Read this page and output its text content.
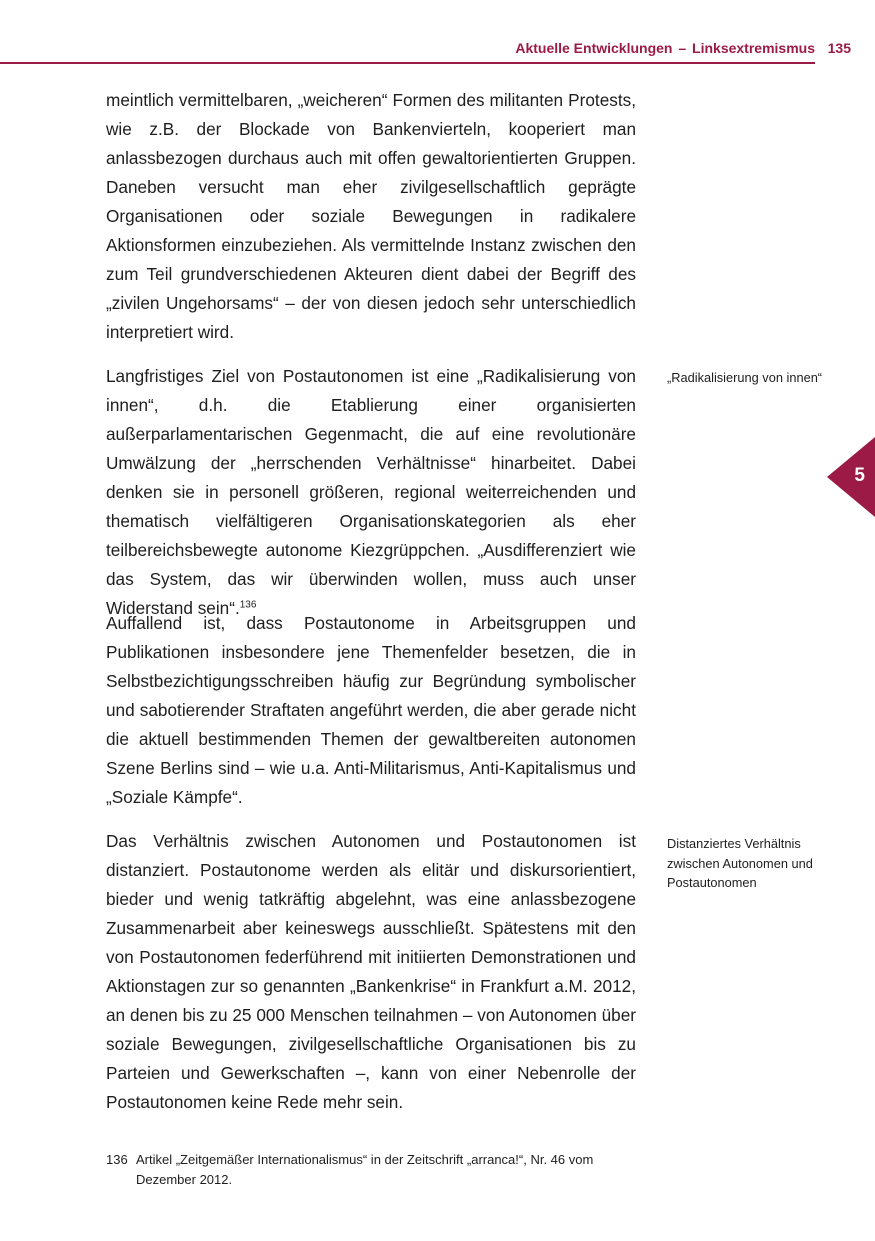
Aktuelle Entwicklungen – Linksextremismus 135
5

meintlich vermittelbaren, „weicheren“ Formen des militanten Protests, wie z.B. der Blockade von Bankenvierteln, kooperiert man anlassbezogen durchaus auch mit offen gewaltorientierten Gruppen. Daneben versucht man eher zivilgesellschaftlich geprägte Organisationen oder soziale Bewegungen in radikalere Aktionsformen einzubeziehen. Als vermittelnde Instanz zwischen den zum Teil grundverschiedenen Akteuren dient dabei der Begriff des „zivilen Ungehorsams“ – der von diesen jedoch sehr unterschiedlich interpretiert wird.

Langfristiges Ziel von Postautonomen ist eine „Radikalisierung von innen“, d.h. die Etablierung einer organisierten außerparlamentarischen Gegenmacht, die auf eine revolutionäre Umwälzung der „herrschenden Verhältnisse“ hinarbeitet. Dabei denken sie in personell größeren, regional weiterreichenden und thematisch vielfältigeren Organisationskategorien als eher teilbereichsbewegte autonome Kiezgrüppchen. „Ausdifferenziert wie das System, das wir überwinden wollen, muss auch unser Widerstand sein“.$^{136}$

Auffallend ist, dass Postautonome in Arbeitsgruppen und Publikationen insbesondere jene Themenfelder besetzen, die in Selbstbezichtigungsschreiben häufig zur Begründung symbolischer und sabotierender Straftaten angeführt werden, die aber gerade nicht die aktuell bestimmenden Themen der gewaltbereiten autonomen Szene Berlins sind – wie u.a. Anti-Militarismus, Anti-Kapitalismus und „Soziale Kämpfe“.

Das Verhältnis zwischen Autonomen und Postautonomen ist distanziert. Postautonome werden als elitär und diskursorientiert, bieder und wenig tatkräftig abgelehnt, was eine anlassbezogene Zusammenarbeit aber keineswegs ausschließt. Spätestens mit den von Postautonomen federführend mit initiierten Demonstrationen und Aktionstagen zur so genannten „Bankenkrise“ in Frankfurt a.M. 2012, an denen bis zu 25 000 Menschen teilnahmen – von Autonomen über soziale Bewegungen, zivilgesellschaftliche Organisationen bis zu Parteien und Gewerkschaften –, kann von einer Nebenrolle der Postautonomen keine Rede mehr sein.

„Radikalisierung von innen“
Distanziertes Verhältnis zwischen Autonomen und Postautonomen
136 Artikel „Zeitgemäßer Internationalismus“ in der Zeitschrift „arranca!“, Nr. 46 vom Dezember 2012.
